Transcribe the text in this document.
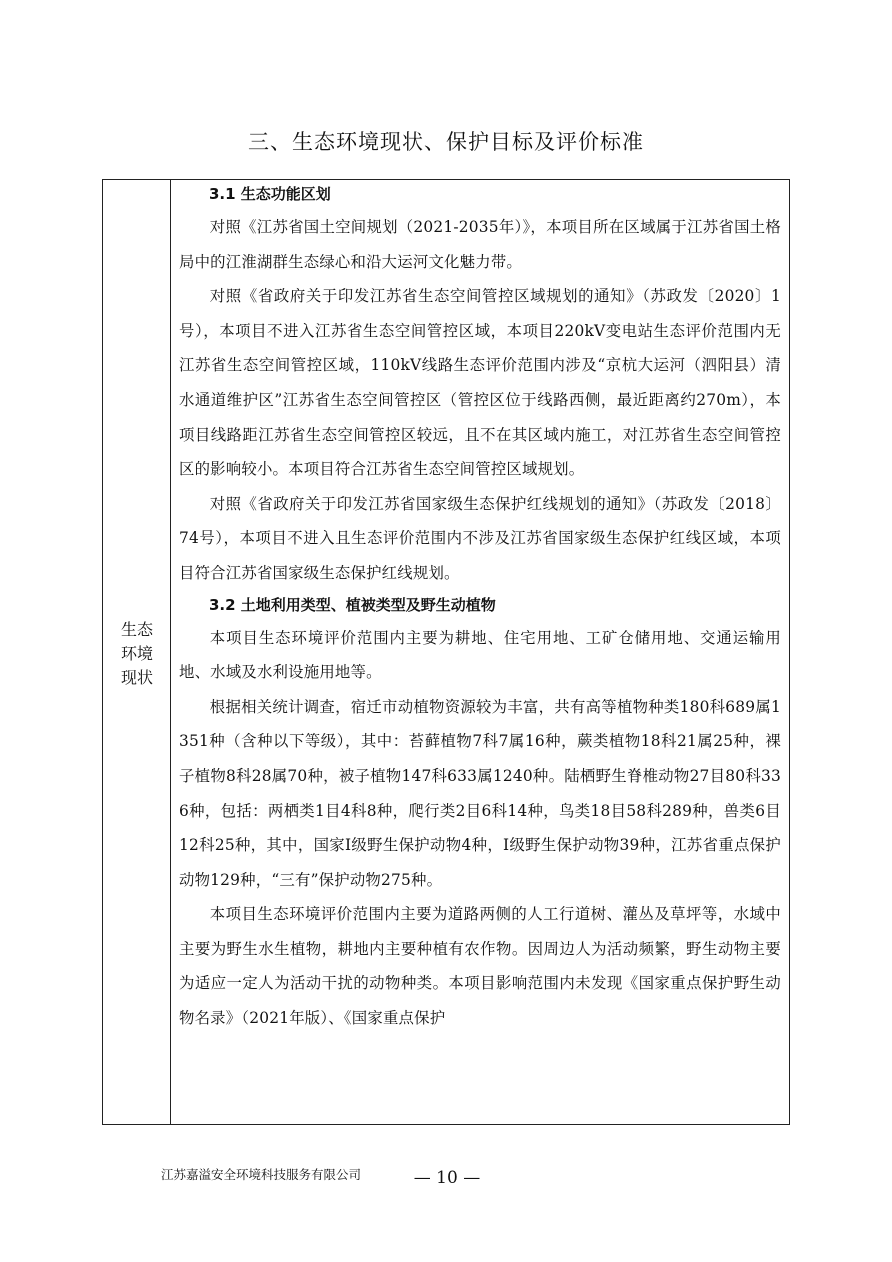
三、生态环境现状、保护目标及评价标准
生态
环境
现状

3.1 生态功能区划

对照《江苏省国土空间规划（2021-2035年）》，本项目所在区域属于江苏省国土格局中的江淮湖群生态绿心和沿大运河文化魅力带。

对照《省政府关于印发江苏省生态空间管控区域规划的通知》（苏政发〔2020〕1号），本项目不进入江苏省生态空间管控区域，本项目220kV变电站生态评价范围内无江苏省生态空间管控区域，110kV线路生态评价范围内涉及“京杭大运河（泗阳县）清水通道维护区”江苏省生态空间管控区（管控区位于线路西侧，最近距离约270m），本项目线路距江苏省生态空间管控区较远，且不在其区域内施工，对江苏省生态空间管控区的影响较小。本项目符合江苏省生态空间管控区域规划。

对照《省政府关于印发江苏省国家级生态保护红线规划的通知》（苏政发〔2018〕74号），本项目不进入且生态评价范围内不涉及江苏省国家级生态保护红线区域，本项目符合江苏省国家级生态保护红线规划。

3.2 土地利用类型、植被类型及野生动植物

本项目生态环境评价范围内主要为耕地、住宅用地、工矿仓储用地、交通运输用地、水域及水利设施用地等。

根据相关统计调查，宿迁市动植物资源较为丰富，共有高等植物种类180科689属1351种（含种以下等级），其中：苔藓植物7科7属16种，蕨类植物18科21属25种，裸子植物8科28属70种，被子植物147科633属1240种。陆栖野生脊椎动物27目80科336种，包括：两栖类1目4科8种，爬行类2目6科14种，鸟类18目58科289种，兽类6目12科25种，其中，国家I级野生保护动物4种，I级野生保护动物39种，江苏省重点保护动物129种，“三有”保护动物275种。

本项目生态环境评价范围内主要为道路两侧的人工行道树、灌丛及草坪等，水域中主要为野生水生植物，耕地内主要种植有农作物。因周边人为活动频繁，野生动物主要为适应一定人为活动干扰的动物种类。本项目影响范围内未发现《国家重点保护野生动物名录》（2021年版）、《国家重点保护

江苏嘉溢安全环境科技服务有限公司	— 10 —
